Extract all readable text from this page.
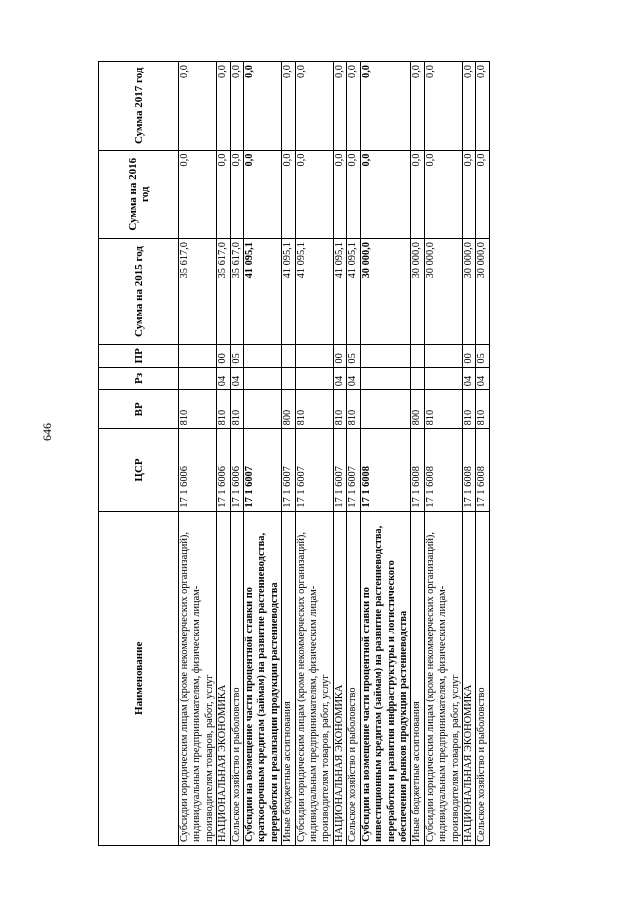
646
Наименование	ЦСР	ВР	Рз	ПР	Сумма на 2015 год	Сумма на 2016 год	Сумма 2017 год
Субсидии юридическим лицам (кроме некоммерческих организаций), индивидуальным предпринимателям, физическим лицам-производителям товаров, работ, услуг	17 1 6006	810			35 617,0	0,0	0,0
НАЦИОНАЛЬНАЯ ЭКОНОМИКА	17 1 6006	810	04	00	35 617,0	0,0	0,0
Сельское хозяйство и рыболовство	17 1 6006	810	04	05	35 617,0	0,0	0,0
Субсидии на возмещение части процентной ставки по краткосрочным кредитам (займам) на развитие растениеводства, переработки и реализации продукции растениеводства	17 1 6007				41 095,1	0,0	0,0
Иные бюджетные ассигнования	17 1 6007	800			41 095,1	0,0	0,0
Субсидии юридическим лицам (кроме некоммерческих организаций), индивидуальным предпринимателям, физическим лицам-производителям товаров, работ, услуг	17 1 6007	810			41 095,1	0,0	0,0
НАЦИОНАЛЬНАЯ ЭКОНОМИКА	17 1 6007	810	04	00	41 095,1	0,0	0,0
Сельское хозяйство и рыболовство	17 1 6007	810	04	05	41 095,1	0,0	0,0
Субсидии на возмещение части процентной ставки по инвестиционным кредитам (займам) на развитие растениеводства, переработки и развития инфраструктуры и логистического обеспечения рынков продукции растениеводства	17 1 6008				30 000,0	0,0	0,0
Иные бюджетные ассигнования	17 1 6008	800			30 000,0	0,0	0,0
Субсидии юридическим лицам (кроме некоммерческих организаций), индивидуальным предпринимателям, физическим лицам-производителям товаров, работ, услуг	17 1 6008	810			30 000,0	0,0	0,0
НАЦИОНАЛЬНАЯ ЭКОНОМИКА	17 1 6008	810	04	00	30 000,0	0,0	0,0
Сельское хозяйство и рыболовство	17 1 6008	810	04	05	30 000,0	0,0	0,0
